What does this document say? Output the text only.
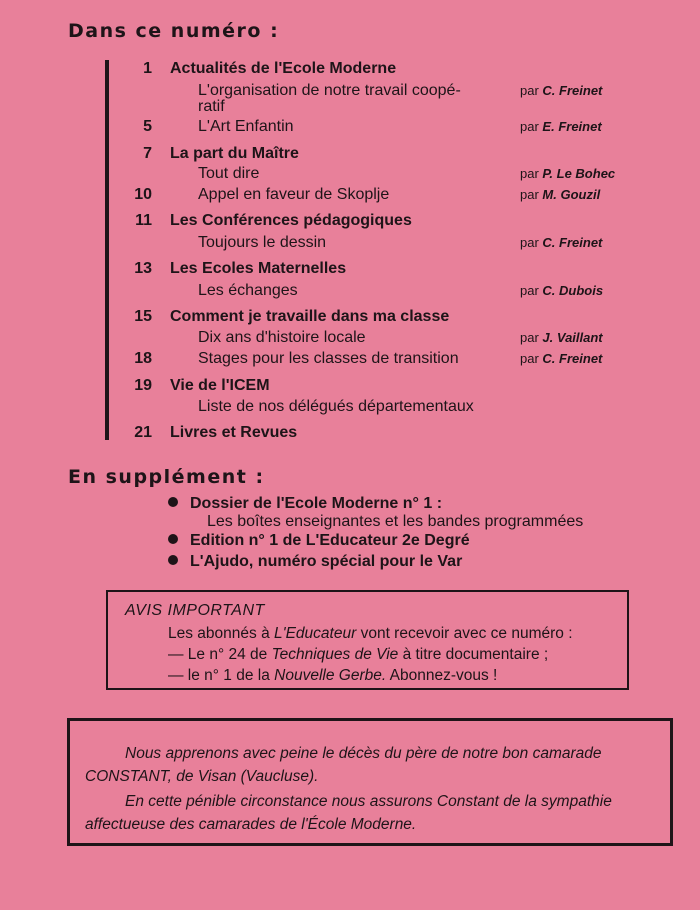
Dans ce numéro :
1 Actualités de l'Ecole Moderne
L'organisation de notre travail coopé-	par C. Freinet
ratif
5	L'Art Enfantin	par E. Freinet
7 La part du Maître
Tout dire	par P. Le Bohec
10	Appel en faveur de Skoplje	par M. Gouzil
11 Les Conférences pédagogiques
Toujours le dessin	par C. Freinet
13 Les Ecoles Maternelles
Les échanges	par C. Dubois
15 Comment je travaille dans ma classe
Dix ans d'histoire locale	par J. Vaillant
18	Stages pour les classes de transition	par C. Freinet
19 Vie de l'ICEM
Liste de nos délégués départementaux
21 Livres et Revues
En supplément :
Dossier de l'Ecole Moderne n° 1 :
Les boîtes enseignantes et les bandes programmées
Edition n° 1 de L'Educateur 2e Degré
L'Ajudo, numéro spécial pour le Var
AVIS IMPORTANT
Les abonnés à L'Educateur vont recevoir avec ce numéro :
— Le n° 24 de Techniques de Vie à titre documentaire ;
— le n° 1 de la Nouvelle Gerbe. Abonnez-vous !
Nous apprenons avec peine le décès du père de notre bon camarade
CONSTANT, de Visan (Vaucluse).
En cette pénible circonstance nous assurons Constant de la sympathie
affectueuse des camarades de l'École Moderne.
